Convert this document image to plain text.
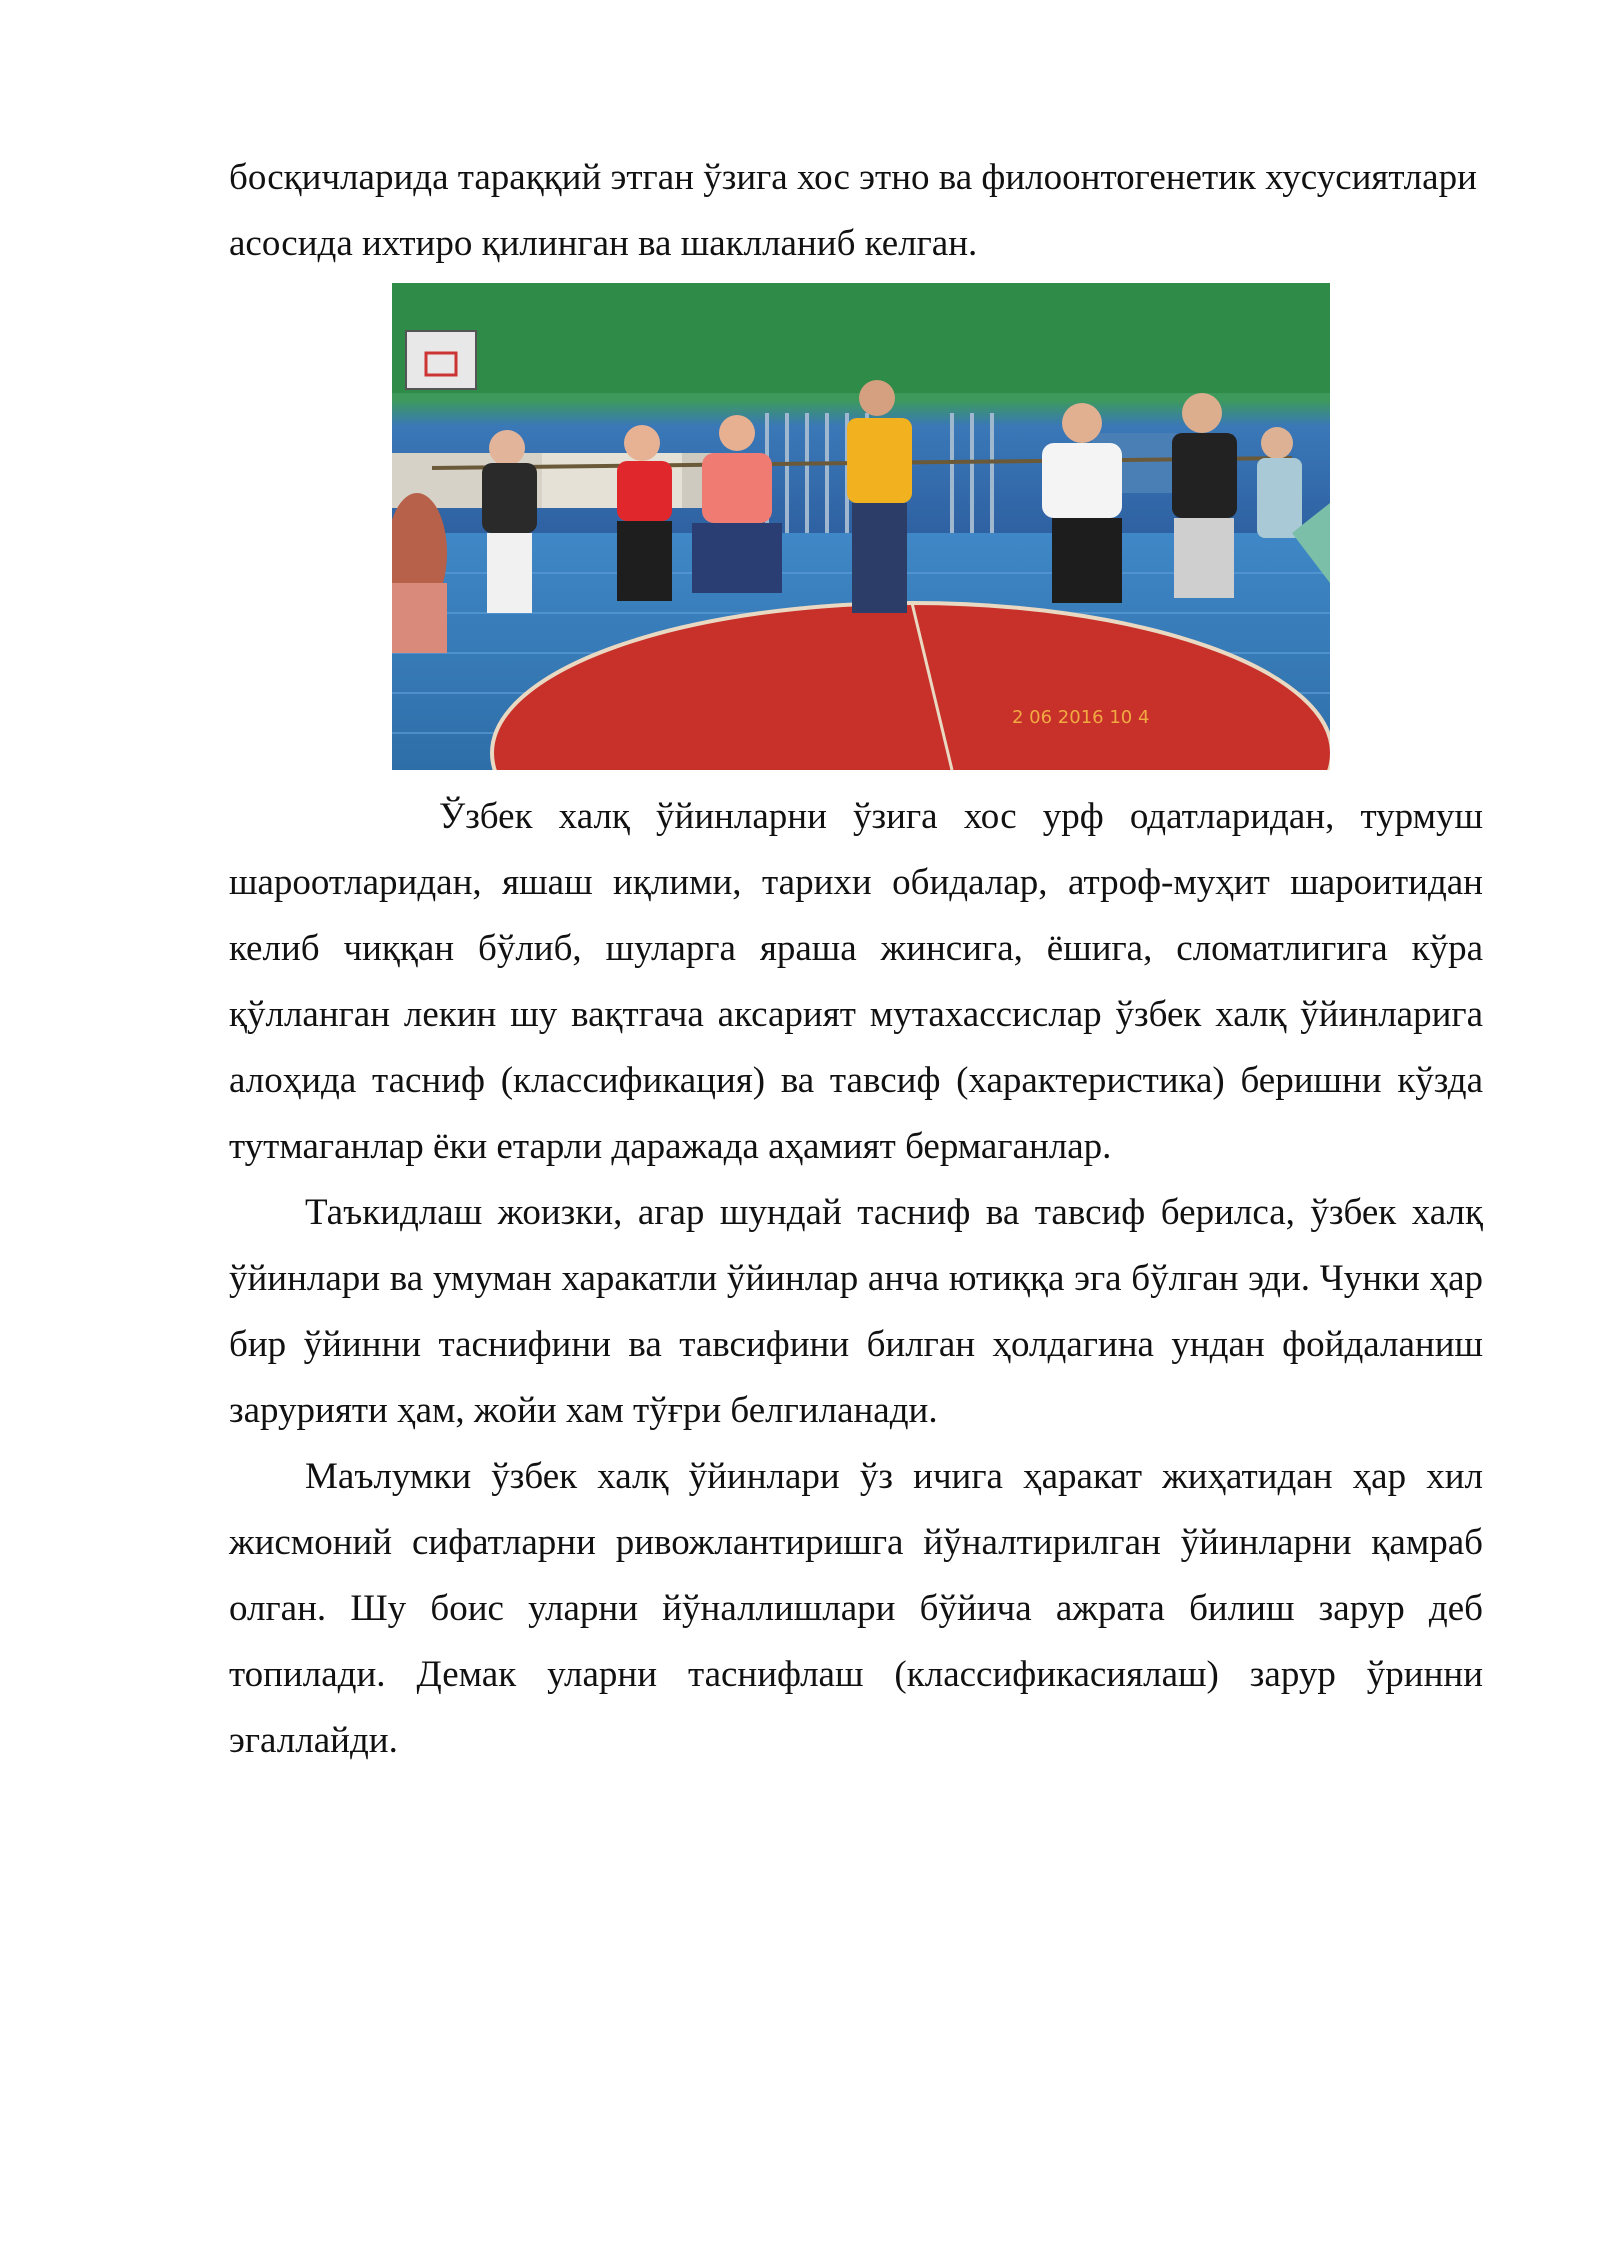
босқичларида тараққий этган ўзига хос этно ва филоонтогенетик хусусиятлари
асосида ихтиро қилинган ва шаклланиб келган.
2 06 2016 10 4

Ўзбек халқ ўйинларни ўзига хос урф одатларидан, турмуш шароотларидан, яшаш иқлими, тарихи обидалар, атроф-муҳит шароитидан келиб чиққан бўлиб, шуларга яраша жинсига, ёшига, сломатлигига кўра қўлланган лекин шу вақтгача аксарият мутахассислар ўзбек халқ ўйинларига алоҳида тасниф (классификация) ва тавсиф (характеристика) беришни кўзда тутмаганлар ёки етарли даражада аҳамият бермаганлар.

Таъкидлаш жоизки, агар шундай тасниф ва тавсиф берилса, ўзбек халқ ўйинлари ва умуман харакатли ўйинлар анча ютиққа эга бўлган эди. Чунки ҳар бир ўйинни таснифини ва тавсифини билган ҳолдагина ундан фойдаланиш зарурияти ҳам, жойи хам тўғри белгиланади.

Маълумки ўзбек халқ ўйинлари ўз ичига ҳаракат жиҳатидан ҳар хил жисмоний сифатларни ривожлантиришга йўналтирилган ўйинларни қамраб олган. Шу боис уларни йўналлишлари бўйича ажрата билиш зарур деб топилади. Демак уларни таснифлаш (классификасиялаш) зарур ўринни эгаллайди.
